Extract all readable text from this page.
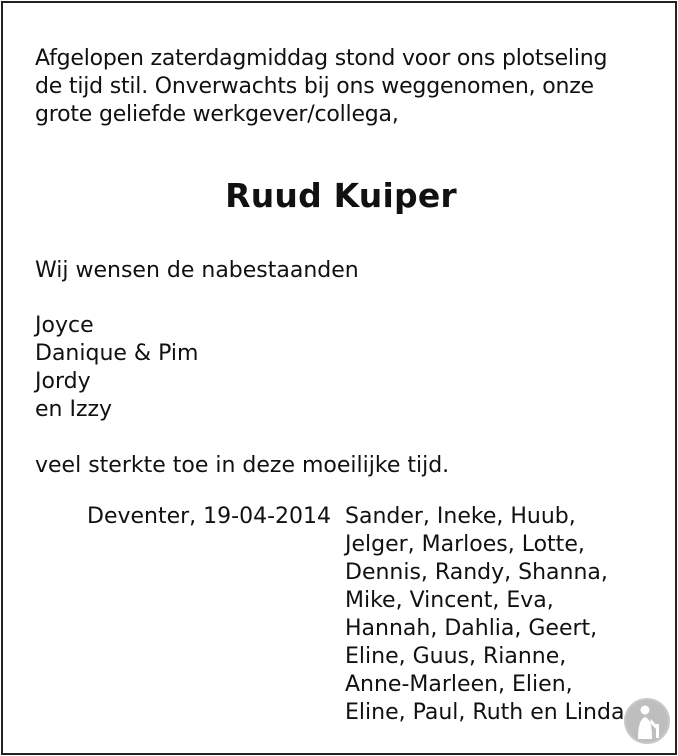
Afgelopen zaterdagmiddag stond voor ons plotseling
de tijd stil. Onverwachts bij ons weggenomen, onze
grote geliefde werkgever/collega,
Ruud Kuiper
Wij wensen de nabestaanden
Joyce
Danique & Pim
Jordy
en Izzy
veel sterkte toe in deze moeilijke tijd.
Deventer, 19-04-2014 Sander, Ineke, Huub,
Jelger, Marloes, Lotte,
Dennis, Randy, Shanna,
Mike, Vincent, Eva,
Hannah, Dahlia, Geert,
Eline, Guus, Rianne,
Anne-Marleen, Elien,
Eline, Paul, Ruth en Linda
